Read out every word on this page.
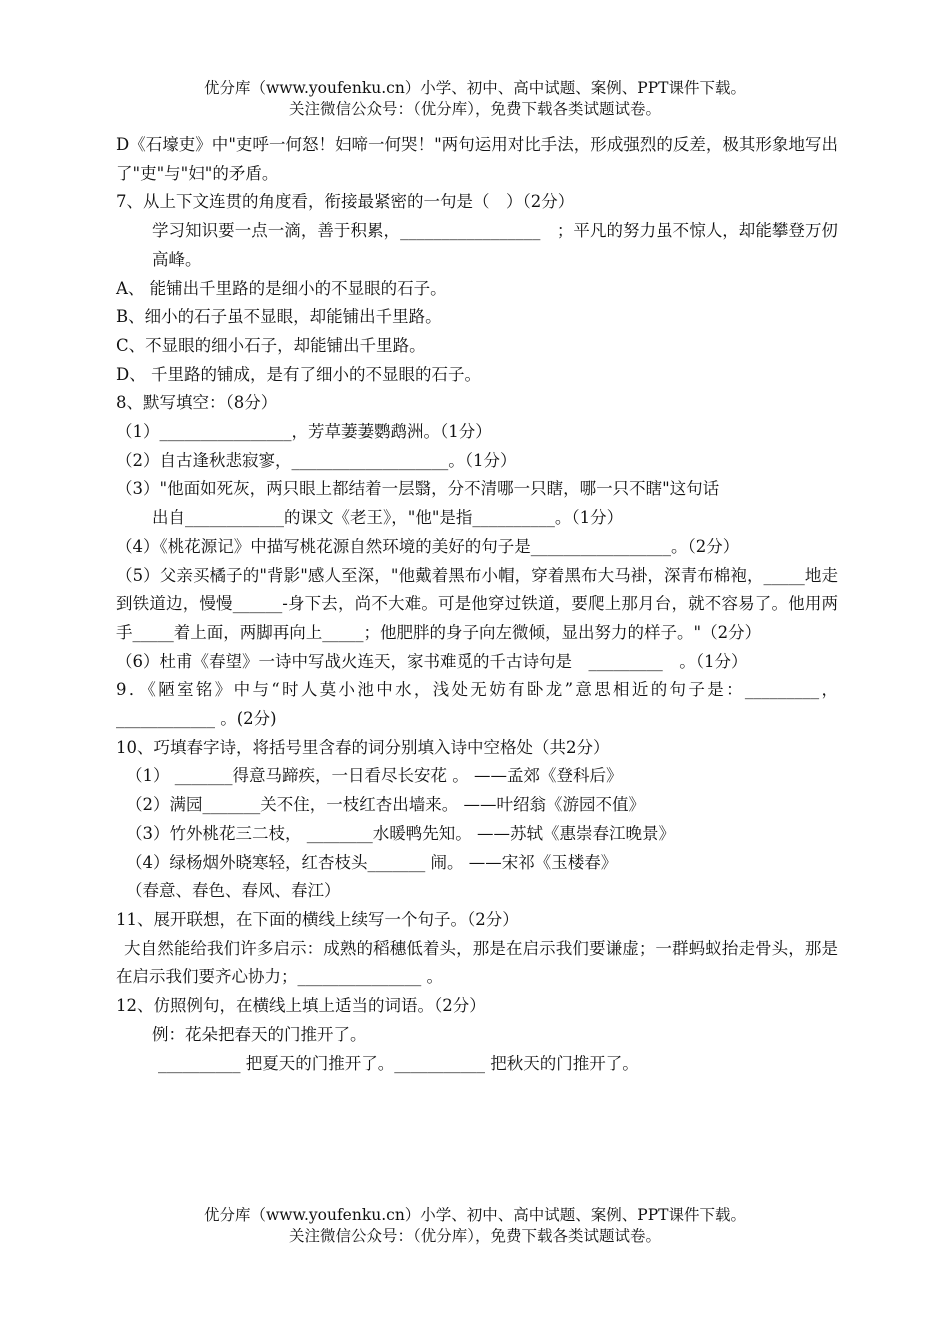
优分库（www.youfenku.cn）小学、初中、高中试题、案例、PPT课件下载。
关注微信公众号：（优分库），免费下载各类试题试卷。
D《石壕吏》中"吏呼一何怒！妇啼一何哭！"两句运用对比手法，形成强烈的反差，极其形象地写出了"吏"与"妇"的矛盾。
7、从上下文连贯的角度看，衔接最紧密的一句是（　）（2分）
学习知识要一点一滴，善于积累，_________________　；平凡的努力虽不惊人，却能攀登万仞高峰。
A、 能铺出千里路的是细小的不显眼的石子。
B、细小的石子虽不显眼，却能铺出千里路。
C、不显眼的细小石子，却能铺出千里路。
D、 千里路的铺成，是有了细小的不显眼的石子。
8、默写填空：（8分）
（1）________________，芳草萋萋鹦鹉洲。（1分）
（2）自古逢秋悲寂寥，___________________。（1分）
（3）"他面如死灰，两只眼上都结着一层翳，分不清哪一只瞎，哪一只不瞎"这句话
出自____________的课文《老王》，"他"是指__________。（1分）
（4）《桃花源记》中描写桃花源自然环境的美好的句子是_________________。（2分）
（5）父亲买橘子的"背影"感人至深，"他戴着黑布小帽，穿着黑布大马褂，深青布棉袍，_____地走到铁道边，慢慢______-身下去，尚不大难。可是他穿过铁道，要爬上那月台，就不容易了。他用两手_____着上面，两脚再向上_____；他肥胖的身子向左微倾，显出努力的样子。"（2分）
（6）杜甫《春望》一诗中写战火连天，家书难觅的千古诗句是　_________　。（1分）
9．《陋室铭》中与“时人莫小池中水，浅处无妨有卧龙”意思相近的句子是：_________，____________ 。(2分)
10、巧填春字诗，将括号里含春的词分别填入诗中空格处（共2分）
（1） _______得意马蹄疾，一日看尽长安花 。 ——孟郊《登科后》
（2）满园_______关不住，一枝红杏出墙来。 ——叶绍翁《游园不值》
（3）竹外桃花三二枝， ________水暖鸭先知。 ——苏轼《惠崇春江晚景》
（4）绿杨烟外晓寒轻，红杏枝头_______ 闹。 ——宋祁《玉楼春》
（春意、春色、春风、春江）
11、展开联想，在下面的横线上续写一个句子。（2分）
大自然能给我们许多启示：成熟的稻穗低着头，那是在启示我们要谦虚；一群蚂蚁抬走骨头，那是在启示我们要齐心协力；_______________ 。
12、仿照例句，在横线上填上适当的词语。（2分）
例：花朵把春天的门推开了。
__________ 把夏天的门推开了。___________ 把秋天的门推开了。
优分库（www.youfenku.cn）小学、初中、高中试题、案例、PPT课件下载。
关注微信公众号：（优分库），免费下载各类试题试卷。
